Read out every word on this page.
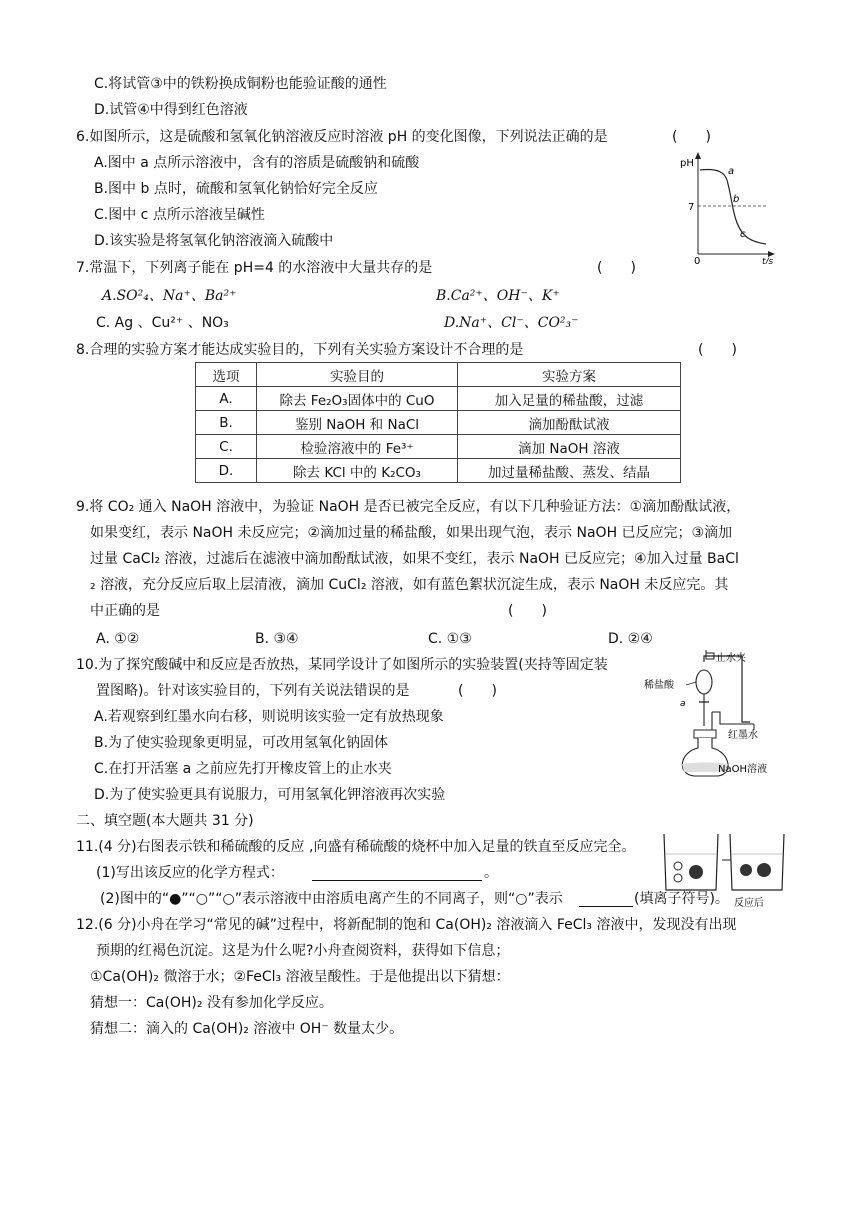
C.将试管③中的铁粉换成铜粉也能验证酸的通性
D.试管④中得到红色溶液
6.如图所示，这是硫酸和氢氧化钠溶液反应时溶液 pH 的变化图像，下列说法正确的是	(　　)
A.图中 a 点所示溶液中，含有的溶质是硫酸钠和硫酸
B.图中 b 点时，硫酸和氢氧化钠恰好完全反应
C.图中 c 点所示溶液呈碱性
D.该实验是将氢氧化钠溶液滴入硫酸中
pH
7
0	t/s
a
b
c
7.常温下，下列离子能在 pH=4 的水溶液中大量共存的是	(　　)
A.SO²₄、Na⁺、Ba²⁺	B.Ca²⁺、OH⁻、K⁺
C. Ag 、Cu²⁺ 、NO₃	D.Na⁺、Cl⁻、CO²₃⁻
8.合理的实验方案才能达成实验目的，下列有关实验方案设计不合理的是	(　　)
选项	实验目的	实验方案
A.	除去 Fe₂O₃固体中的 CuO	加入足量的稀盐酸，过滤
B.	鉴别 NaOH 和 NaCl	滴加酚酞试液
C.	检验溶液中的 Fe³⁺	滴加 NaOH 溶液
D.	除去 KCl 中的 K₂CO₃	加过量稀盐酸、蒸发、结晶
9.将 CO₂ 通入 NaOH 溶液中，为验证 NaOH 是否已被完全反应，有以下几种验证方法：①滴加酚酞试液，
如果变红，表示 NaOH 未反应完；②滴加过量的稀盐酸，如果出现气泡，表示 NaOH 已反应完；③滴加
过量 CaCl₂ 溶液，过滤后在滤液中滴加酚酞试液，如果不变红，表示 NaOH 已反应完；④加入过量 BaCl
₂ 溶液，充分反应后取上层清液，滴加 CuCl₂ 溶液，如有蓝色絮状沉淀生成，表示 NaOH 未反应完。其
中正确的是	(　　)
A. ①②	B. ③④	C. ①③	D. ②④
10.为了探究酸碱中和反应是否放热，某同学设计了如图所示的实验装置(夹持等固定装
置图略)。针对该实验目的，下列有关说法错误的是	(　　)
A.若观察到红墨水向右移，则说明该实验一定有放热现象
B.为了使实验现象更明显，可改用氢氧化钠固体
C.在打开活塞 a 之前应先打开橡皮管上的止水夹
D.为了使实验更具有说服力，可用氢氧化钾溶液再次实验
止水夹
稀盐酸
a
红墨水
NaOH溶液
二、填空题(本大题共 31 分)
11.(4 分)右图表示铁和稀硫酸的反应 ,向盛有稀硫酸的烧杯中加入足量的铁直至反应完全。
(1)写出该反应的化学方程式：	。
(2)图中的“●”“○”“○”表示溶液中由溶质电离产生的不同离子，则“○”表示	(填离子符号)。 反应后
12.(6 分)小舟在学习“常见的碱”过程中，将新配制的饱和 Ca(OH)₂ 溶液滴入 FeCl₃ 溶液中，发现没有出现
预期的红褐色沉淀。这是为什么呢?小舟查阅资料，获得如下信息；
①Ca(OH)₂ 微溶于水；②FeCl₃ 溶液呈酸性。于是他提出以下猜想：
猜想一：Ca(OH)₂ 没有参加化学反应。
猜想二：滴入的 Ca(OH)₂ 溶液中 OH⁻ 数量太少。
